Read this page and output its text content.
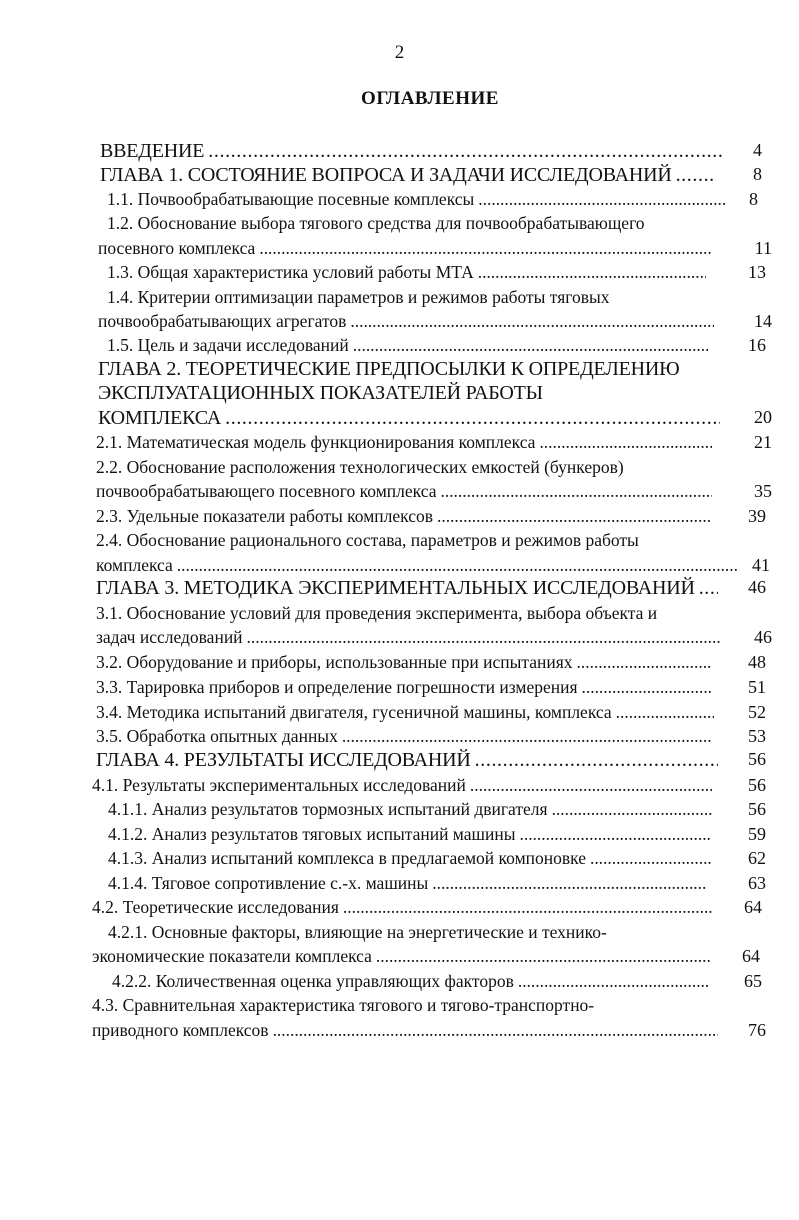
2
ОГЛАВЛЕНИЕ
ВВЕДЕНИЕ . . .	4
ГЛАВА 1. СОСТОЯНИЕ ВОПРОСА И ЗАДАЧИ ИССЛЕДОВАНИЙ . . .	8
1.1. Почвообрабатывающие посевные комплексы . . .	8
1.2. Обоснование выбора тягового средства для почвообрабатывающего
посевного комплекса . . .	11
1.3. Общая характеристика условий работы МТА . . .	13
1.4. Критерии оптимизации параметров и режимов работы тяговых
почвообрабатывающих агрегатов . . .	14
1.5. Цель и задачи исследований . . .	16
ГЛАВА 2. ТЕОРЕТИЧЕСКИЕ ПРЕДПОСЫЛКИ К ОПРЕДЕЛЕНИЮ
ЭКСПЛУАТАЦИОННЫХ ПОКАЗАТЕЛЕЙ РАБОТЫ
КОМПЛЕКСА . . .	20
2.1. Математическая модель функционирования комплекса . . .	21
2.2. Обоснование расположения технологических емкостей (бункеров)
почвообрабатывающего посевного комплекса . . .	35
2.3. Удельные показатели работы комплексов . . .	39
2.4. Обоснование рационального состава, параметров и режимов работы
комплекса . . .	41
ГЛАВА 3. МЕТОДИКА ЭКСПЕРИМЕНТАЛЬНЫХ ИССЛЕДОВАНИЙ . . .	46
3.1. Обоснование условий для проведения эксперимента, выбора объекта и
задач исследований . . .	46
3.2. Оборудование и приборы, использованные при испытаниях . . .	48
3.3. Тарировка приборов и определение погрешности измерения . . .	51
3.4. Методика испытаний двигателя, гусеничной машины, комплекса . . .	52
3.5. Обработка опытных данных . . .	53
ГЛАВА 4. РЕЗУЛЬТАТЫ ИССЛЕДОВАНИЙ . . .	56
4.1. Результаты экспериментальных исследований . . .	56
4.1.1. Анализ результатов тормозных испытаний двигателя . . .	56
4.1.2. Анализ результатов тяговых испытаний машины . . .	59
4.1.3. Анализ испытаний комплекса в предлагаемой компоновке . . .	62
4.1.4. Тяговое сопротивление с.-х. машины . . .	63
4.2. Теоретические исследования . . .	64
4.2.1. Основные факторы, влияющие на энергетические и технико-
экономические показатели комплекса . . .	64
4.2.2. Количественная оценка управляющих факторов . . .	65
4.3. Сравнительная характеристика тягового и тягово-транспортно-
приводного комплексов . . .	76
